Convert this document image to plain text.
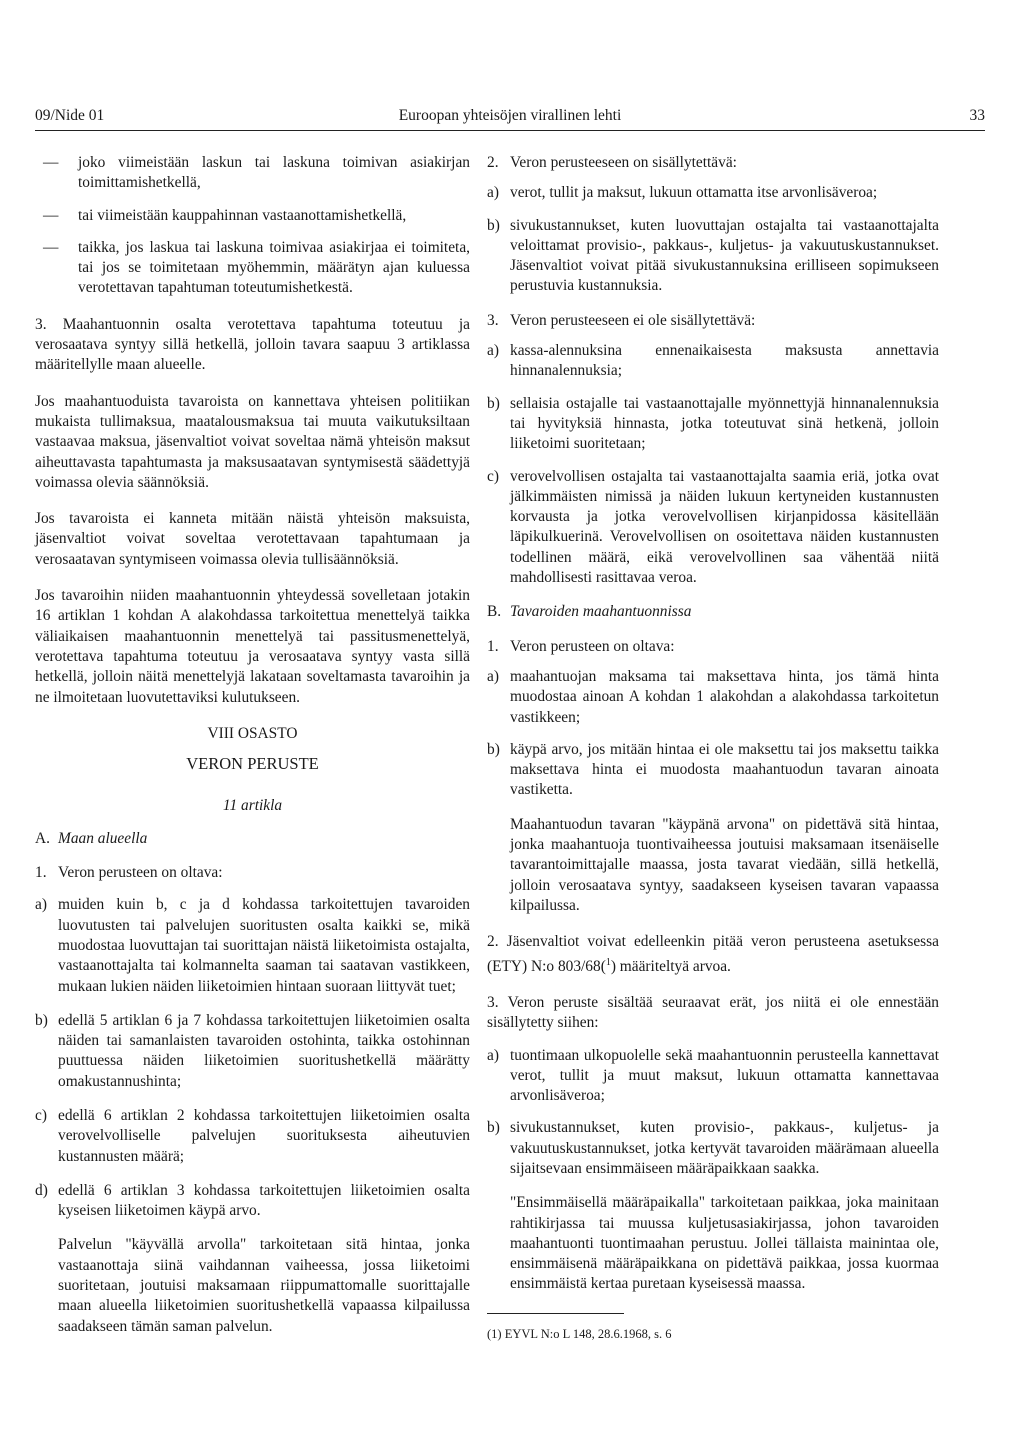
09/Nide 01	Euroopan yhteisöjen virallinen lehti	33

— joko viimeistään laskun tai laskuna toimivan asiakirjan toimittamishetkellä,

— tai viimeistään kauppahinnan vastaanottamishetkellä,

— taikka, jos laskua tai laskuna toimivaa asiakirjaa ei toimiteta, tai jos se toimitetaan myöhemmin, määrätyn ajan kuluessa verotettavan tapahtuman toteutumishetkestä.

3. Maahantuonnin osalta verotettava tapahtuma toteutuu ja verosaatava syntyy sillä hetkellä, jolloin tavara saapuu 3 artiklassa määritellylle maan alueelle.

Jos maahantuoduista tavaroista on kannettava yhteisen politiikan mukaista tullimaksua, maatalousmaksua tai muuta vaikutuksiltaan vastaavaa maksua, jäsenvaltiot voivat soveltaa nämä yhteisön maksut aiheuttavasta tapahtumasta ja maksusaatavan syntymisestä säädettyjä voimassa olevia säännöksiä.

Jos tavaroista ei kanneta mitään näistä yhteisön maksuista, jäsenvaltiot voivat soveltaa verotettavaan tapahtumaan ja verosaatavan syntymiseen voimassa olevia tullisäännöksiä.

Jos tavaroihin niiden maahantuonnin yhteydessä sovelletaan jotakin 16 artiklan 1 kohdan A alakohdassa tarkoitettua menettelyä taikka väliaikaisen maahantuonnin menettelyä tai passitusmenettelyä, verotettava tapahtuma toteutuu ja verosaatava syntyy vasta sillä hetkellä, jolloin näitä menettelyjä lakataan soveltamasta tavaroihin ja ne ilmoitetaan luovutettaviksi kulutukseen.

VIII OSASTO

VERON PERUSTE

11 artikla

A. Maan alueella

1. Veron perusteen on oltava:

a) muiden kuin b, c ja d kohdassa tarkoitettujen tavaroiden luovutusten tai palvelujen suoritusten osalta kaikki se, mikä muodostaa luovuttajan tai suorittajan näistä liiketoimista ostajalta, vastaanottajalta tai kolmannelta saaman tai saatavan vastikkeen, mukaan lukien näiden liiketoimien hintaan suoraan liittyvät tuet;

b) edellä 5 artiklan 6 ja 7 kohdassa tarkoitettujen liiketoimien osalta näiden tai samanlaisten tavaroiden ostohinta, taikka ostohinnan puuttuessa näiden liiketoimien suoritushetkellä määrätty omakustannushinta;

c) edellä 6 artiklan 2 kohdassa tarkoitettujen liiketoimien osalta verovelvolliselle palvelujen suorituksesta aiheutuvien kustannusten määrä;

d) edellä 6 artiklan 3 kohdassa tarkoitettujen liiketoimien osalta kyseisen liiketoimen käypä arvo.

Palvelun "käyvällä arvolla" tarkoitetaan sitä hintaa, jonka vastaanottaja siinä vaihdannan vaiheessa, jossa liiketoimi suoritetaan, joutuisi maksamaan riippumattomalle suorittajalle maan alueella liiketoimien suoritushetkellä vapaassa kilpailussa saadakseen tämän saman palvelun.

2. Veron perusteeseen on sisällytettävä:

a) verot, tullit ja maksut, lukuun ottamatta itse arvonlisäveroa;

b) sivukustannukset, kuten luovuttajan ostajalta tai vastaanottajalta veloittamat provisio-, pakkaus-, kuljetus- ja vakuutuskustannukset. Jäsenvaltiot voivat pitää sivukustannuksina erilliseen sopimukseen perustuvia kustannuksia.

3. Veron perusteeseen ei ole sisällytettävä:

a) kassa-alennuksina ennenaikaisesta maksusta annettavia hinnanalennuksia;

b) sellaisia ostajalle tai vastaanottajalle myönnettyjä hinnanalennuksia tai hyvityksiä hinnasta, jotka toteutuvat sinä hetkenä, jolloin liiketoimi suoritetaan;

c) verovelvollisen ostajalta tai vastaanottajalta saamia eriä, jotka ovat jälkimmäisten nimissä ja näiden lukuun kertyneiden kustannusten korvausta ja jotka verovelvollisen kirjanpidossa käsitellään läpikulkuerinä. Verovelvollisen on osoitettava näiden kustannusten todellinen määrä, eikä verovelvollinen saa vähentää niitä mahdollisesti rasittavaa veroa.

B. Tavaroiden maahantuonnissa

1. Veron perusteen on oltava:

a) maahantuojan maksama tai maksettava hinta, jos tämä hinta muodostaa ainoan A kohdan 1 alakohdan a alakohdassa tarkoitetun vastikkeen;

b) käypä arvo, jos mitään hintaa ei ole maksettu tai jos maksettu taikka maksettava hinta ei muodosta maahantuodun tavaran ainoata vastiketta.

Maahantuodun tavaran "käypänä arvona" on pidettävä sitä hintaa, jonka maahantuoja tuontivaiheessa joutuisi maksamaan itsenäiselle tavarantoimittajalle maassa, josta tavarat viedään, sillä hetkellä, jolloin verosaatava syntyy, saadakseen kyseisen tavaran vapaassa kilpailussa.

2. Jäsenvaltiot voivat edelleenkin pitää veron perusteena asetuksessa (ETY) N:o 803/68($^1$) määriteltyä arvoa.

3. Veron peruste sisältää seuraavat erät, jos niitä ei ole ennestään sisällytetty siihen:

a) tuontimaan ulkopuolelle sekä maahantuonnin perusteella kannettavat verot, tullit ja muut maksut, lukuun ottamatta kannettavaa arvonlisäveroa;

b) sivukustannukset, kuten provisio-, pakkaus-, kuljetus- ja vakuutuskustannukset, jotka kertyvät tavaroiden määrämaan alueella sijaitsevaan ensimmäiseen määräpaikkaan saakka.

"Ensimmäisellä määräpaikalla" tarkoitetaan paikkaa, joka mainitaan rahtikirjassa tai muussa kuljetusasiakirjassa, johon tavaroiden maahantuonti tuontimaahan perustuu. Jollei tällaista mainintaa ole, ensimmäisenä määräpaikkana on pidettävä paikkaa, jossa kuormaa ensimmäistä kertaa puretaan kyseisessä maassa.

(1) EYVL N:o L 148, 28.6.1968, s. 6
